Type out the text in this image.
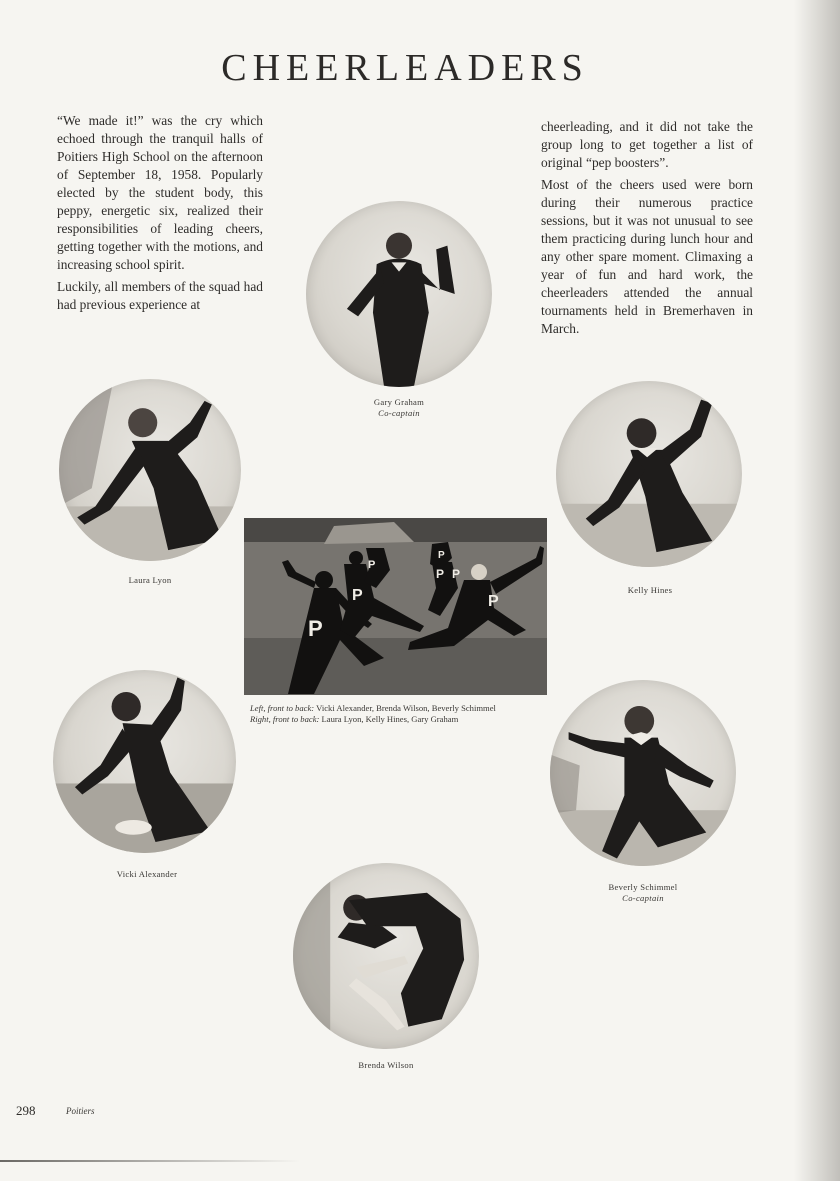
CHEERLEADERS

“We made it!” was the cry which echoed through the tranquil halls of Poitiers High School on the afternoon of September 18, 1958. Popularly elected by the student body, this peppy, energetic six, realized their responsibilities of leading cheers, getting together with the motions, and increasing school spirit.

Luckily, all members of the squad had had previous experience at

cheerleading, and it did not take the group long to get together a list of original “pep boosters”.

Most of the cheers used were born during their numerous practice sessions, but it was not unusual to see them practicing during lunch hour and any other spare moment. Climaxing a year of fun and hard work, the cheerleaders attended the annual tournaments held in Bremerhaven in March.

Gary Graham
Co-captain
Laura Lyon
Kelly Hines
P
P	P
P P
P
P
Left, front to back: Vicki Alexander, Brenda Wilson, Beverly Schimmel
Right, front to back: Laura Lyon, Kelly Hines, Gary Graham
Vicki Alexander
Beverly Schimmel
Co-captain
Brenda Wilson
298	Poitiers
